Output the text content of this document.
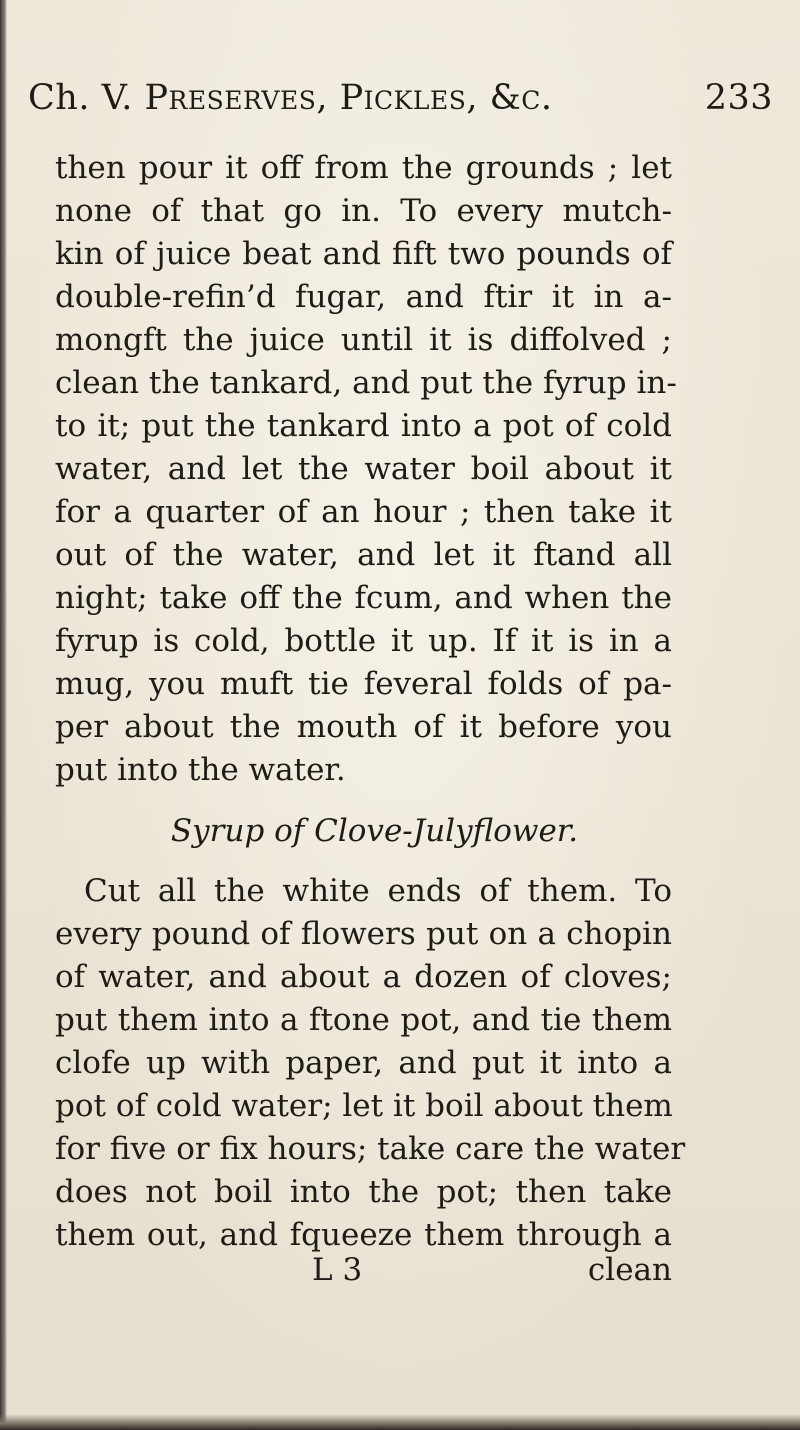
Ch. V. Preserves, Pickles, &c.	233
then pour it off from the grounds ; let
none of that go in. To every mutch-
kin of juice beat and fift two pounds of
double-refin’d fugar, and ftir it in a-
mongft the juice until it is diffolved ;
clean the tankard, and put the fyrup in-
to it; put the tankard into a pot of cold
water, and let the water boil about it
for a quarter of an hour ; then take it
out of the water, and let it ftand all
night; take off the fcum, and when the
fyrup is cold, bottle it up. If it is in a
mug, you muft tie feveral folds of pa-
per about the mouth of it before you
put into the water.
Syrup of Clove-Julyflower.
Cut all the white ends of them. To
every pound of flowers put on a chopin
of water, and about a dozen of cloves;
put them into a ftone pot, and tie them
clofe up with paper, and put it into a
pot of cold water; let it boil about them
for five or fix hours; take care the water
does not boil into the pot; then take
them out, and fqueeze them through a
L 3	clean
